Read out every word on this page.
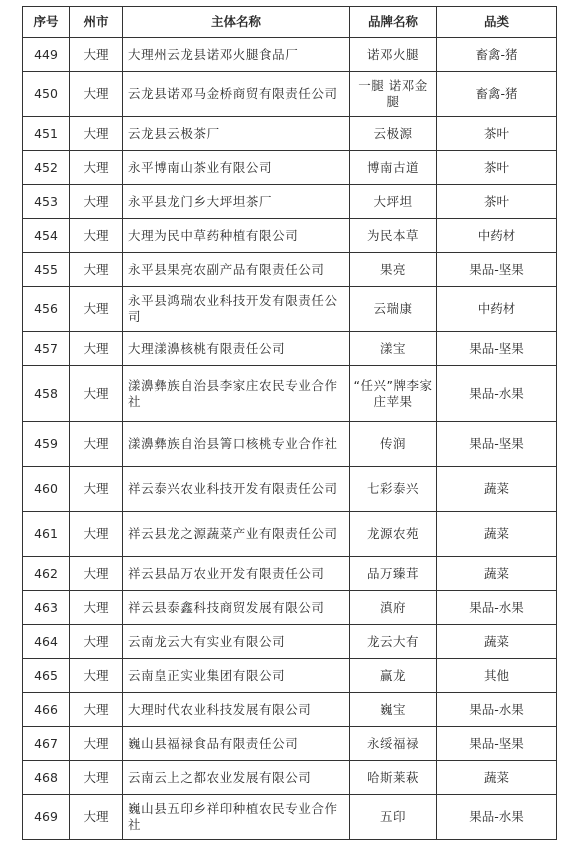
序号	州市	主体名称	品牌名称	品类
449	大理	大理州云龙县诺邓火腿食品厂	诺邓火腿	畜禽-猪
450	大理	云龙县诺邓马金桥商贸有限责任公司	一腿 诺邓金腿	畜禽-猪
451	大理	云龙县云极茶厂	云极源	茶叶
452	大理	永平博南山茶业有限公司	博南古道	茶叶
453	大理	永平县龙门乡大坪坦茶厂	大坪坦	茶叶
454	大理	大理为民中草药种植有限公司	为民本草	中药材
455	大理	永平县果亮农副产品有限责任公司	果亮	果品-坚果
456	大理	永平县鸿瑞农业科技开发有限责任公司	云瑞康	中药材
457	大理	大理漾濞核桃有限责任公司	漾宝	果品-坚果
458	大理	漾濞彝族自治县李家庄农民专业合作社	“任兴”牌李家庄苹果	果品-水果
459	大理	漾濞彝族自治县箐口核桃专业合作社	传润	果品-坚果
460	大理	祥云泰兴农业科技开发有限责任公司	七彩泰兴	蔬菜
461	大理	祥云县龙之源蔬菜产业有限责任公司	龙源农苑	蔬菜
462	大理	祥云县品万农业开发有限责任公司	品万臻茸	蔬菜
463	大理	祥云县泰鑫科技商贸发展有限公司	滇府	果品-水果
464	大理	云南龙云大有实业有限公司	龙云大有	蔬菜
465	大理	云南皇正实业集团有限公司	赢龙	其他
466	大理	大理时代农业科技发展有限公司	巍宝	果品-水果
467	大理	巍山县福禄食品有限责任公司	永绥福禄	果品-坚果
468	大理	云南云上之都农业发展有限公司	哈斯莱萩	蔬菜
469	大理	巍山县五印乡祥印种植农民专业合作社	五印	果品-水果
